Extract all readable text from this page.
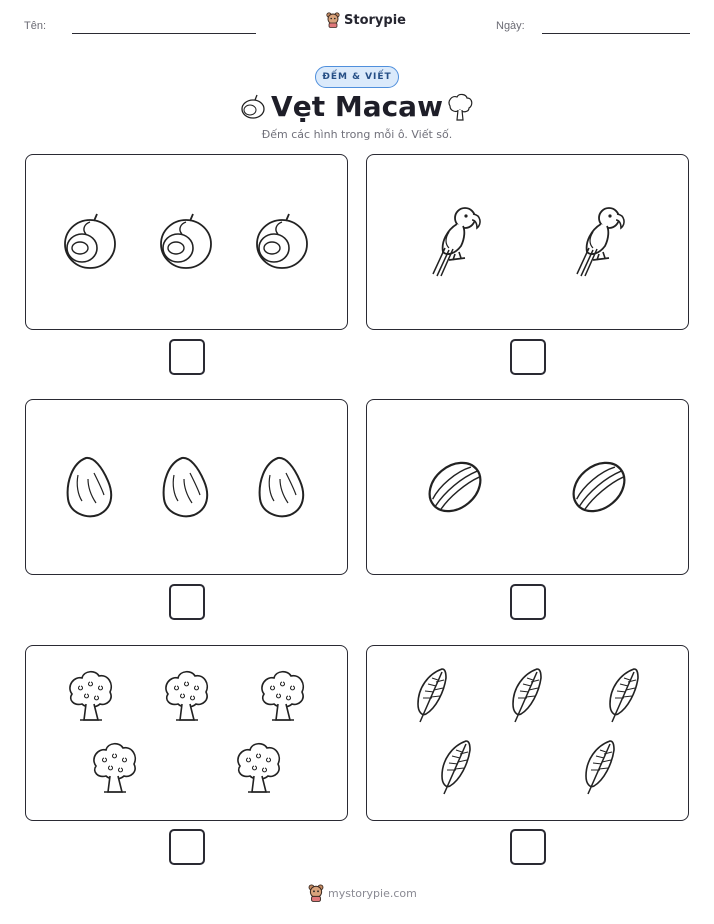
Tên:	Storypie	Ngày:
ĐẾM & VIẾT
Vẹt Macaw
Đếm các hình trong mỗi ô. Viết số.
mystorypie.com
